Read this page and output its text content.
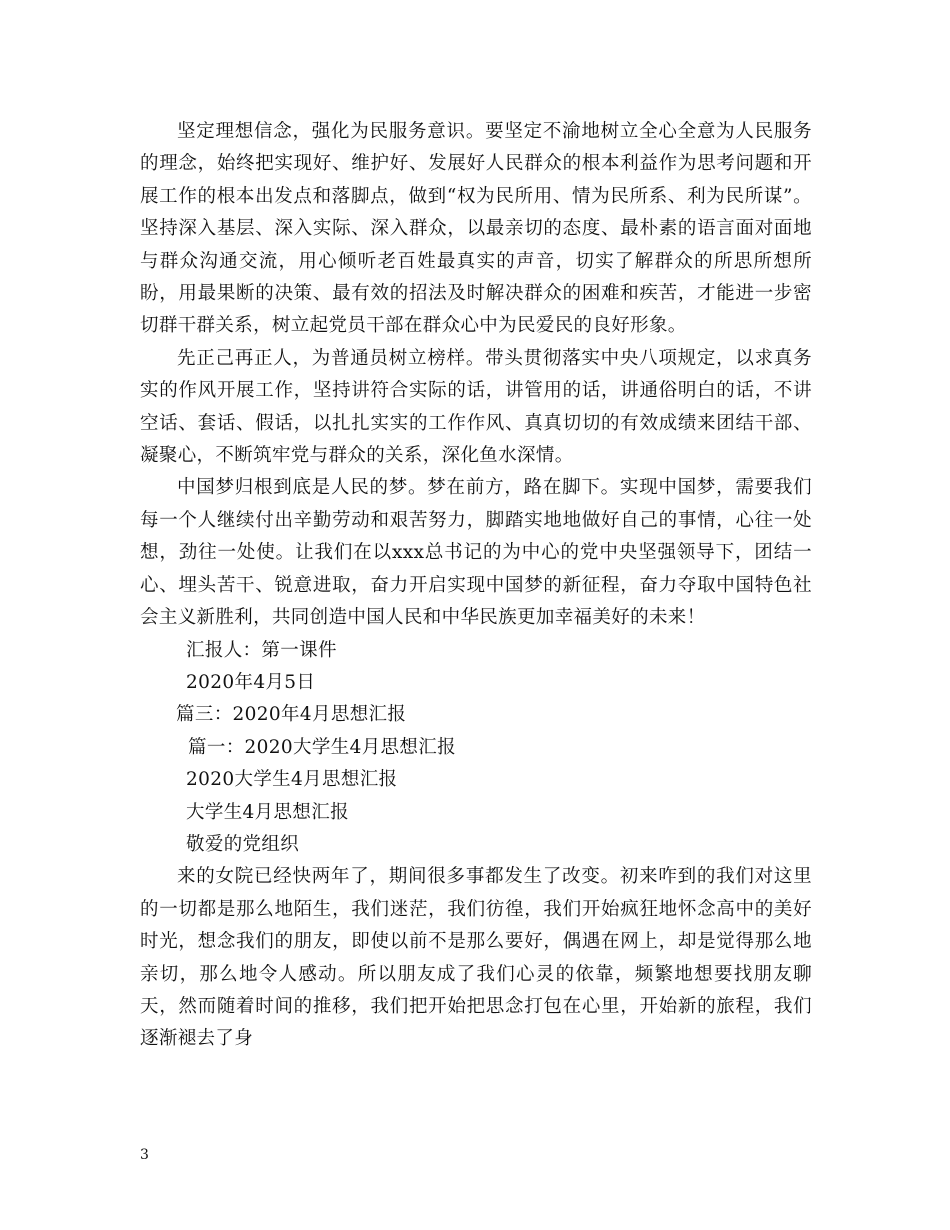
坚定理想信念，强化为民服务意识。要坚定不渝地树立全心全意为人民服务的理念，始终把实现好、维护好、发展好人民群众的根本利益作为思考问题和开展工作的根本出发点和落脚点，做到“权为民所用、情为民所系、利为民所谋”。坚持深入基层、深入实际、深入群众，以最亲切的态度、最朴素的语言面对面地与群众沟通交流，用心倾听老百姓最真实的声音，切实了解群众的所思所想所盼，用最果断的决策、最有效的招法及时解决群众的困难和疾苦，才能进一步密切群干群关系，树立起党员干部在群众心中为民爱民的良好形象。

先正己再正人，为普通员树立榜样。带头贯彻落实中央八项规定，以求真务实的作风开展工作，坚持讲符合实际的话，讲管用的话，讲通俗明白的话，不讲空话、套话、假话，以扎扎实实的工作作风、真真切切的有效成绩来团结干部、凝聚心，不断筑牢党与群众的关系，深化鱼水深情。

中国梦归根到底是人民的梦。梦在前方，路在脚下。实现中国梦，需要我们每一个人继续付出辛勤劳动和艰苦努力，脚踏实地地做好自己的事情，心往一处想，劲往一处使。让我们在以xxx总书记的为中心的党中央坚强领导下，团结一心、埋头苦干、锐意进取，奋力开启实现中国梦的新征程，奋力夺取中国特色社会主义新胜利，共同创造中国人民和中华民族更加幸福美好的未来！

汇报人：第一课件

2020年4月5日

篇三：2020年4月思想汇报

篇一：2020大学生4月思想汇报

2020大学生4月思想汇报

大学生4月思想汇报

敬爱的党组织

来的女院已经快两年了，期间很多事都发生了改变。初来咋到的我们对这里的一切都是那么地陌生，我们迷茫，我们彷徨，我们开始疯狂地怀念高中的美好时光，想念我们的朋友，即使以前不是那么要好，偶遇在网上，却是觉得那么地亲切，那么地令人感动。所以朋友成了我们心灵的依靠，频繁地想要找朋友聊天，然而随着时间的推移，我们把开始把思念打包在心里，开始新的旅程，我们逐渐褪去了身

3
